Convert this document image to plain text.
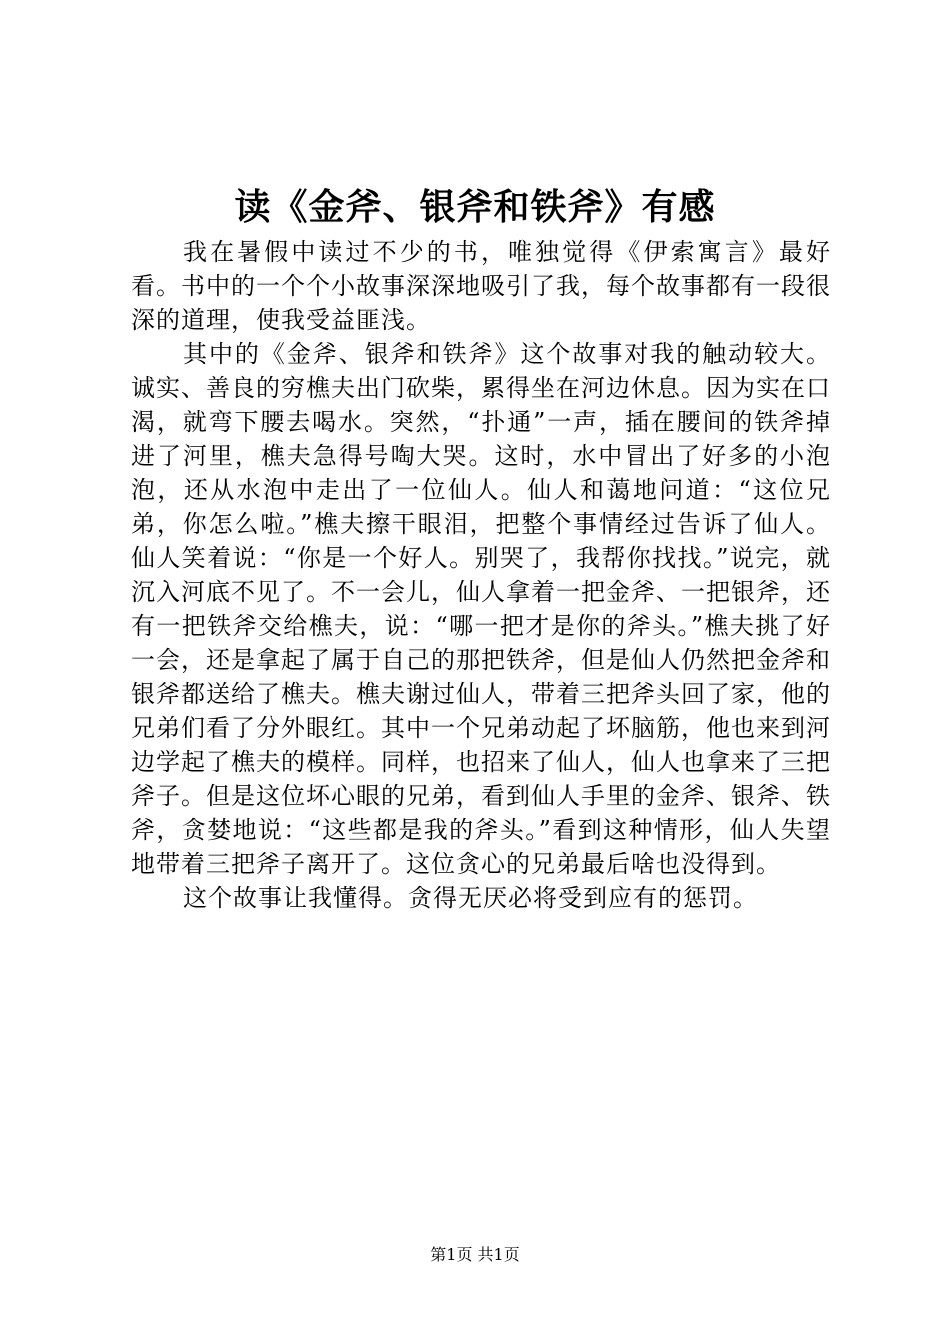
读《金斧、银斧和铁斧》有感

我在暑假中读过不少的书，唯独觉得《伊索寓言》最好看。书中的一个个小故事深深地吸引了我，每个故事都有一段很深的道理，使我受益匪浅。

其中的《金斧、银斧和铁斧》这个故事对我的触动较大。诚实、善良的穷樵夫出门砍柴，累得坐在河边休息。因为实在口渴，就弯下腰去喝水。突然，“扑通”一声，插在腰间的铁斧掉进了河里，樵夫急得号啕大哭。这时，水中冒出了好多的小泡泡，还从水泡中走出了一位仙人。仙人和蔼地问道：“这位兄弟，你怎么啦。”樵夫擦干眼泪，把整个事情经过告诉了仙人。仙人笑着说：“你是一个好人。别哭了，我帮你找找。”说完，就沉入河底不见了。不一会儿，仙人拿着一把金斧、一把银斧，还有一把铁斧交给樵夫，说：“哪一把才是你的斧头。”樵夫挑了好一会，还是拿起了属于自己的那把铁斧，但是仙人仍然把金斧和银斧都送给了樵夫。樵夫谢过仙人，带着三把斧头回了家，他的兄弟们看了分外眼红。其中一个兄弟动起了坏脑筋，他也来到河边学起了樵夫的模样。同样，也招来了仙人，仙人也拿来了三把斧子。但是这位坏心眼的兄弟，看到仙人手里的金斧、银斧、铁斧，贪婪地说：“这些都是我的斧头。”看到这种情形，仙人失望地带着三把斧子离开了。这位贪心的兄弟最后啥也没得到。

这个故事让我懂得。贪得无厌必将受到应有的惩罚。

第1页 共1页
